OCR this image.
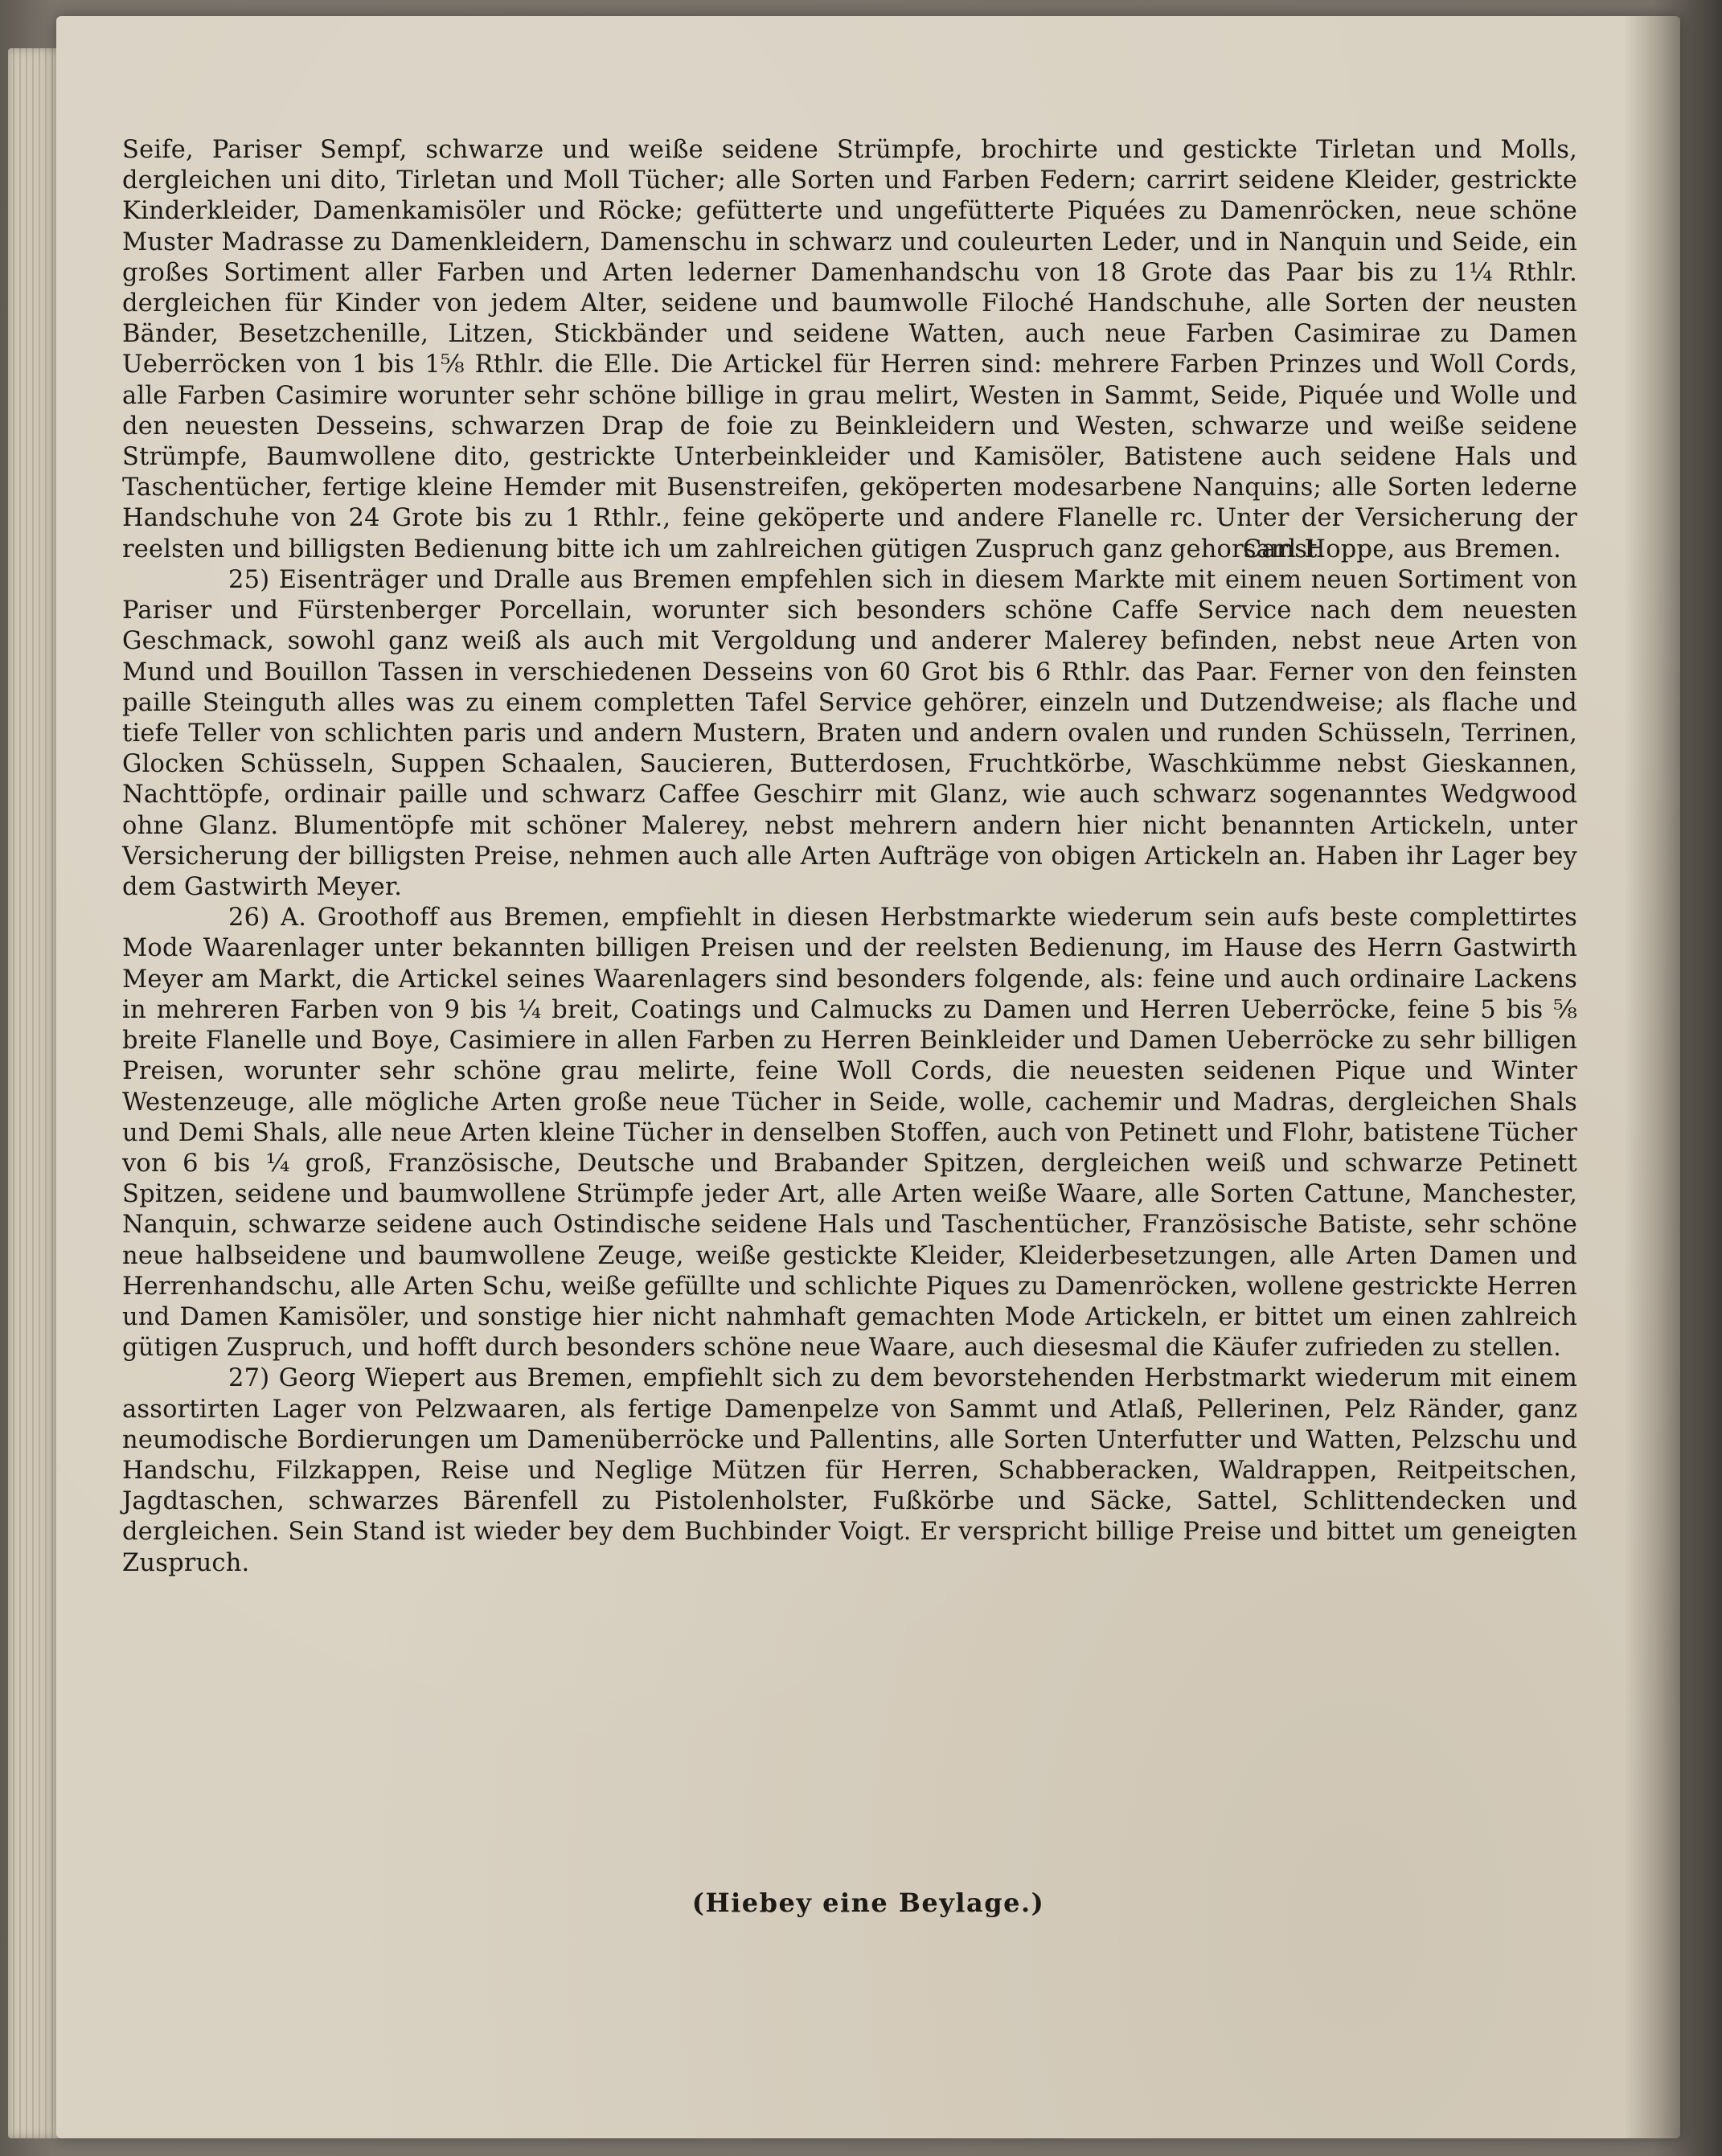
Seife, Pariser Sempf, schwarze und weiße seidene Strümpfe, brochirte und gestickte Tirletan und Molls, dergleichen uni dito, Tirletan und Moll Tücher; alle Sorten und Farben Federn; carrirt seidene Kleider, gestrickte Kinderkleider, Damenkamisöler und Röcke; gefütterte und ungefütterte Piquées zu Damenröcken, neue schöne Muster Madrasse zu Damenkleidern, Damenschu in schwarz und couleurten Leder, und in Nanquin und Seide, ein großes Sortiment aller Farben und Arten lederner Damenhandschu von 18 Grote das Paar bis zu 1¼ Rthlr. dergleichen für Kinder von jedem Alter, seidene und baumwolle Filoché Handschuhe, alle Sorten der neusten Bänder, Besetzchenille, Litzen, Stickbänder und seidene Watten, auch neue Farben Casimirae zu Damen Ueberröcken von 1 bis 1⅝ Rthlr. die Elle. Die Artickel für Herren sind: mehrere Farben Prinzes und Woll Cords, alle Farben Casimire worunter sehr schöne billige in grau melirt, Westen in Sammt, Seide, Piquée und Wolle und den neuesten Desseins, schwarzen Drap de foie zu Beinkleidern und Westen, schwarze und weiße seidene Strümpfe, Baumwollene dito, gestrickte Unterbeinkleider und Kamisöler, Batistene auch seidene Hals und Taschentücher, fertige kleine Hemder mit Busenstreifen, geköperten modesarbene Nanquins; alle Sorten lederne Handschuhe von 24 Grote bis zu 1 Rthlr., feine geköperte und andere Flanelle rc. Unter der Versicherung der reelsten und billigsten Bedienung bitte ich um zahlreichen gütigen Zuspruch ganz gehorsamst.

Carl Hoppe, aus Bremen.

25) Eisenträger und Dralle aus Bremen empfehlen sich in diesem Markte mit einem neuen Sortiment von Pariser und Fürstenberger Porcellain, worunter sich besonders schöne Caffe Service nach dem neuesten Geschmack, sowohl ganz weiß als auch mit Vergoldung und anderer Malerey befinden, nebst neue Arten von Mund und Bouillon Tassen in verschiedenen Desseins von 60 Grot bis 6 Rthlr. das Paar. Ferner von den feinsten paille Steinguth alles was zu einem completten Tafel Service gehörer, einzeln und Dutzendweise; als flache und tiefe Teller von schlichten paris und andern Mustern, Braten und andern ovalen und runden Schüsseln, Terrinen, Glocken Schüsseln, Suppen Schaalen, Saucieren, Butterdosen, Fruchtkörbe, Waschkümme nebst Gieskannen, Nachttöpfe, ordinair paille und schwarz Caffee Geschirr mit Glanz, wie auch schwarz sogenanntes Wedgwood ohne Glanz. Blumentöpfe mit schöner Malerey, nebst mehrern andern hier nicht benannten Artickeln, unter Versicherung der billigsten Preise, nehmen auch alle Arten Aufträge von obigen Artickeln an. Haben ihr Lager bey dem Gastwirth Meyer.

26) A. Groothoff aus Bremen, empfiehlt in diesen Herbstmarkte wiederum sein aufs beste complettirtes Mode Waarenlager unter bekannten billigen Preisen und der reelsten Bedienung, im Hause des Herrn Gastwirth Meyer am Markt, die Artickel seines Waarenlagers sind besonders folgende, als: feine und auch ordinaire Lackens in mehreren Farben von 9 bis ¼ breit, Coatings und Calmucks zu Damen und Herren Ueberröcke, feine 5 bis ⅝ breite Flanelle und Boye, Casimiere in allen Farben zu Herren Beinkleider und Damen Ueberröcke zu sehr billigen Preisen, worunter sehr schöne grau melirte, feine Woll Cords, die neuesten seidenen Pique und Winter Westenzeuge, alle mögliche Arten große neue Tücher in Seide, wolle, cachemir und Madras, dergleichen Shals und Demi Shals, alle neue Arten kleine Tücher in denselben Stoffen, auch von Petinett und Flohr, batistene Tücher von 6 bis ¼ groß, Französische, Deutsche und Brabander Spitzen, dergleichen weiß und schwarze Petinett Spitzen, seidene und baumwollene Strümpfe jeder Art, alle Arten weiße Waare, alle Sorten Cattune, Manchester, Nanquin, schwarze seidene auch Ostindische seidene Hals und Taschentücher, Französische Batiste, sehr schöne neue halbseidene und baumwollene Zeuge, weiße gestickte Kleider, Kleiderbesetzungen, alle Arten Damen und Herrenhandschu, alle Arten Schu, weiße gefüllte und schlichte Piques zu Damenröcken, wollene gestrickte Herren und Damen Kamisöler, und sonstige hier nicht nahmhaft gemachten Mode Artickeln, er bittet um einen zahlreich gütigen Zuspruch, und hofft durch besonders schöne neue Waare, auch diesesmal die Käufer zufrieden zu stellen.

27) Georg Wiepert aus Bremen, empfiehlt sich zu dem bevorstehenden Herbstmarkt wiederum mit einem assortirten Lager von Pelzwaaren, als fertige Damenpelze von Sammt und Atlaß, Pellerinen, Pelz Ränder, ganz neumodische Bordierungen um Damenüberröcke und Pallentins, alle Sorten Unterfutter und Watten, Pelzschu und Handschu, Filzkappen, Reise und Neglige Mützen für Herren, Schabberacken, Waldrappen, Reitpeitschen, Jagdtaschen, schwarzes Bärenfell zu Pistolenholster, Fußkörbe und Säcke, Sattel, Schlittendecken und dergleichen. Sein Stand ist wieder bey dem Buchbinder Voigt. Er verspricht billige Preise und bittet um geneigten Zuspruch.

(Hiebey eine Beylage.)
